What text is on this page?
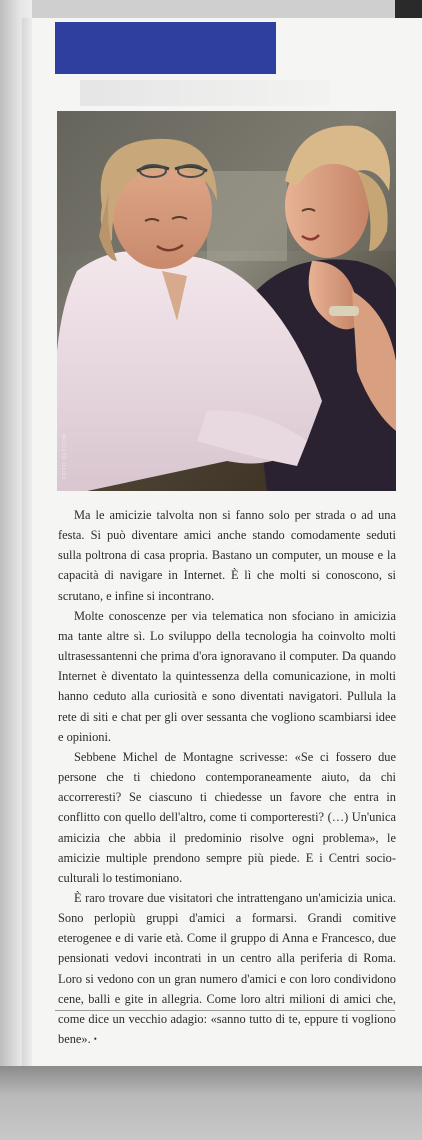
FOTO OLYCOM

Ma le amicizie talvolta non si fanno solo per strada o ad una festa. Si può diventare amici anche stando comodamente seduti sulla poltrona di casa propria. Bastano un computer, un mouse e la capacità di navigare in Internet. È lì che molti si conoscono, si scrutano, e infine si incontrano.

Molte conoscenze per via telematica non sfociano in amicizia ma tante altre sì. Lo sviluppo della tecnologia ha coinvolto molti ultrasessantenni che prima d'ora ignoravano il computer. Da quando Internet è diventato la quintessenza della comunicazione, in molti hanno ceduto alla curiosità e sono diventati navigatori. Pullula la rete di siti e chat per gli over sessanta che vogliono scambiarsi idee e opinioni.

Sebbene Michel de Montagne scrivesse: «Se ci fossero due persone che ti chiedono contemporaneamente aiuto, da chi accorreresti? Se ciascuno ti chiedesse un favore che entra in conflitto con quello dell'altro, come ti comporteresti? (…) Un'unica amicizia che abbia il predominio risolve ogni problema», le amicizie multiple prendono sempre più piede. E i Centri socio-culturali lo testimoniano.

È raro trovare due visitatori che intrattengano un'amicizia unica. Sono perlopiù gruppi d'amici a formarsi. Grandi comitive eterogenee e di varie età. Come il gruppo di Anna e Francesco, due pensionati vedovi incontrati in un centro alla periferia di Roma. Loro si vedono con un gran numero d'amici e con loro condividono cene, balli e gite in allegria. Come loro altri milioni di amici che, come dice un vecchio adagio: «sanno tutto di te, eppure ti vogliono bene». •
